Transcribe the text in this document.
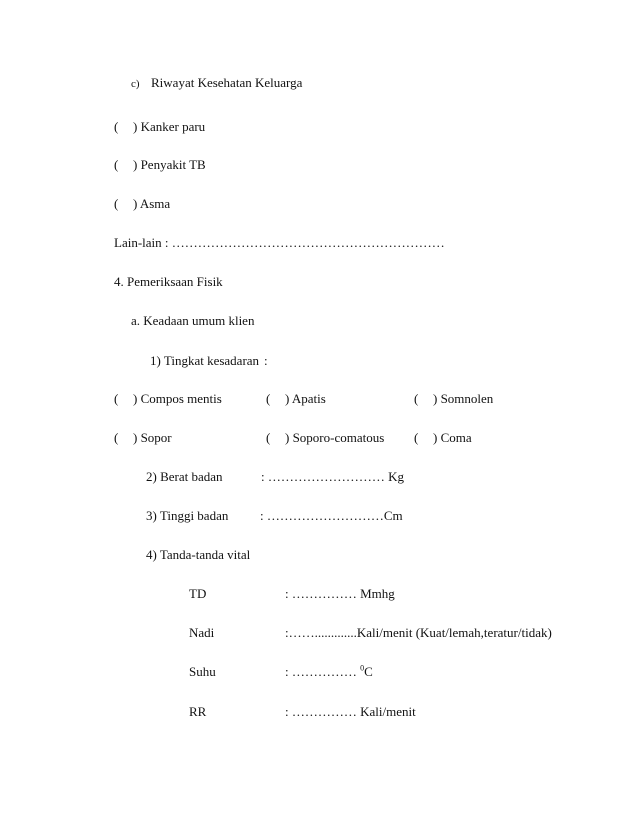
c) Riwayat Kesehatan Keluarga
( ) Kanker paru
( ) Penyakit TB
( ) Asma
Lain-lain : ………………………………………………………
4. Pemeriksaan Fisik
a. Keadaan umum klien
1) Tingkat kesadaran :
( ) Compos mentis	( ) Apatis	( ) Somnolen
( ) Sopor	( ) Soporo-comatous ( ) Coma
2) Berat badan	: ……………………… Kg
3) Tinggi badan : ………………………Cm
4) Tanda-tanda vital
TD	: …………… Mmhg
Nadi	:…….............Kali/menit (Kuat/lemah,teratur/tidak)
Suhu	: …………… $^0$C
RR	: …………… Kali/menit
